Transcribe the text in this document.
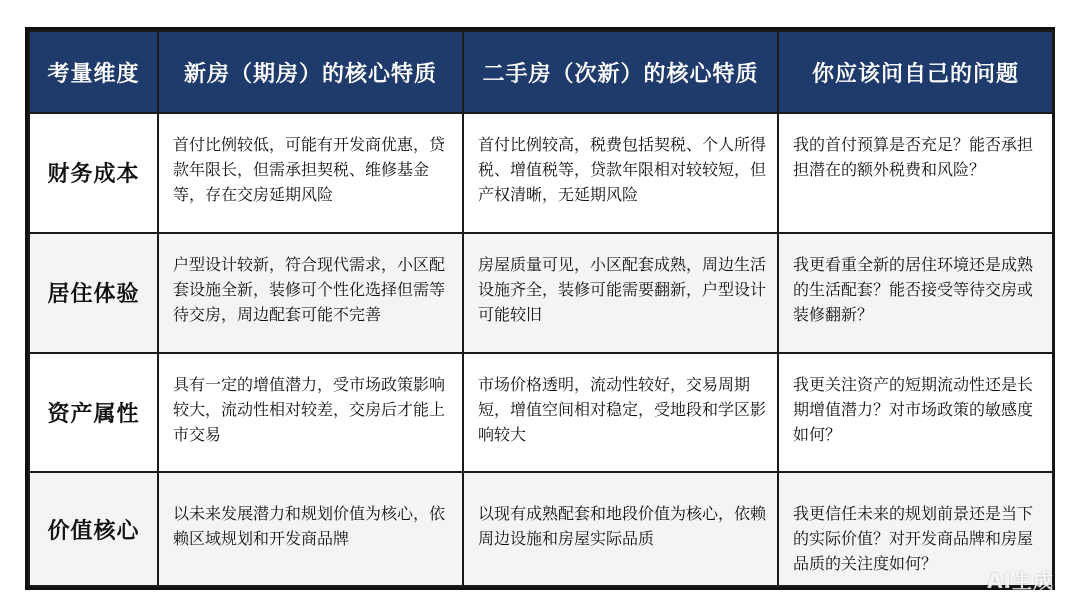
考量维度	新房（期房）的核心特质	二手房（次新）的核心特质	你应该问自己的问题
财务成本	首付比例较低，可能有开发商优惠，贷款年限长，但需承担契税、维修基金等，存在交房延期风险	首付比例较高，税费包括契税、个人所得税、增值税等，贷款年限相对较较短，但产权清晰，无延期风险	我的首付预算是否充足？能否承担担潜在的额外税费和风险？
居住体验	户型设计较新，符合现代需求，小区配套设施全新，装修可个性化选择但需等待交房，周边配套可能不完善	房屋质量可见，小区配套成熟，周边生活设施齐全，装修可能需要翻新，户型设计可能较旧	我更看重全新的居住环境还是成熟的生活配套？能否接受等待交房或装修翻新？
资产属性	具有一定的增值潜力，受市场政策影响较大，流动性相对较差，交房后才能上市交易	市场价格透明，流动性较好，交易周期短，增值空间相对稳定，受地段和学区影响较大	我更关注资产的短期流动性还是长期增值潜力？对市场政策的敏感度如何？
价值核心	以未来发展潜力和规划价值为核心，依赖区域规划和开发商品牌	以现有成熟配套和地段价值为核心，依赖周边设施和房屋实际品质	我更信任未来的规划前景还是当下的实际价值？对开发商品牌和房屋品质的关注度如何？
AI生成
